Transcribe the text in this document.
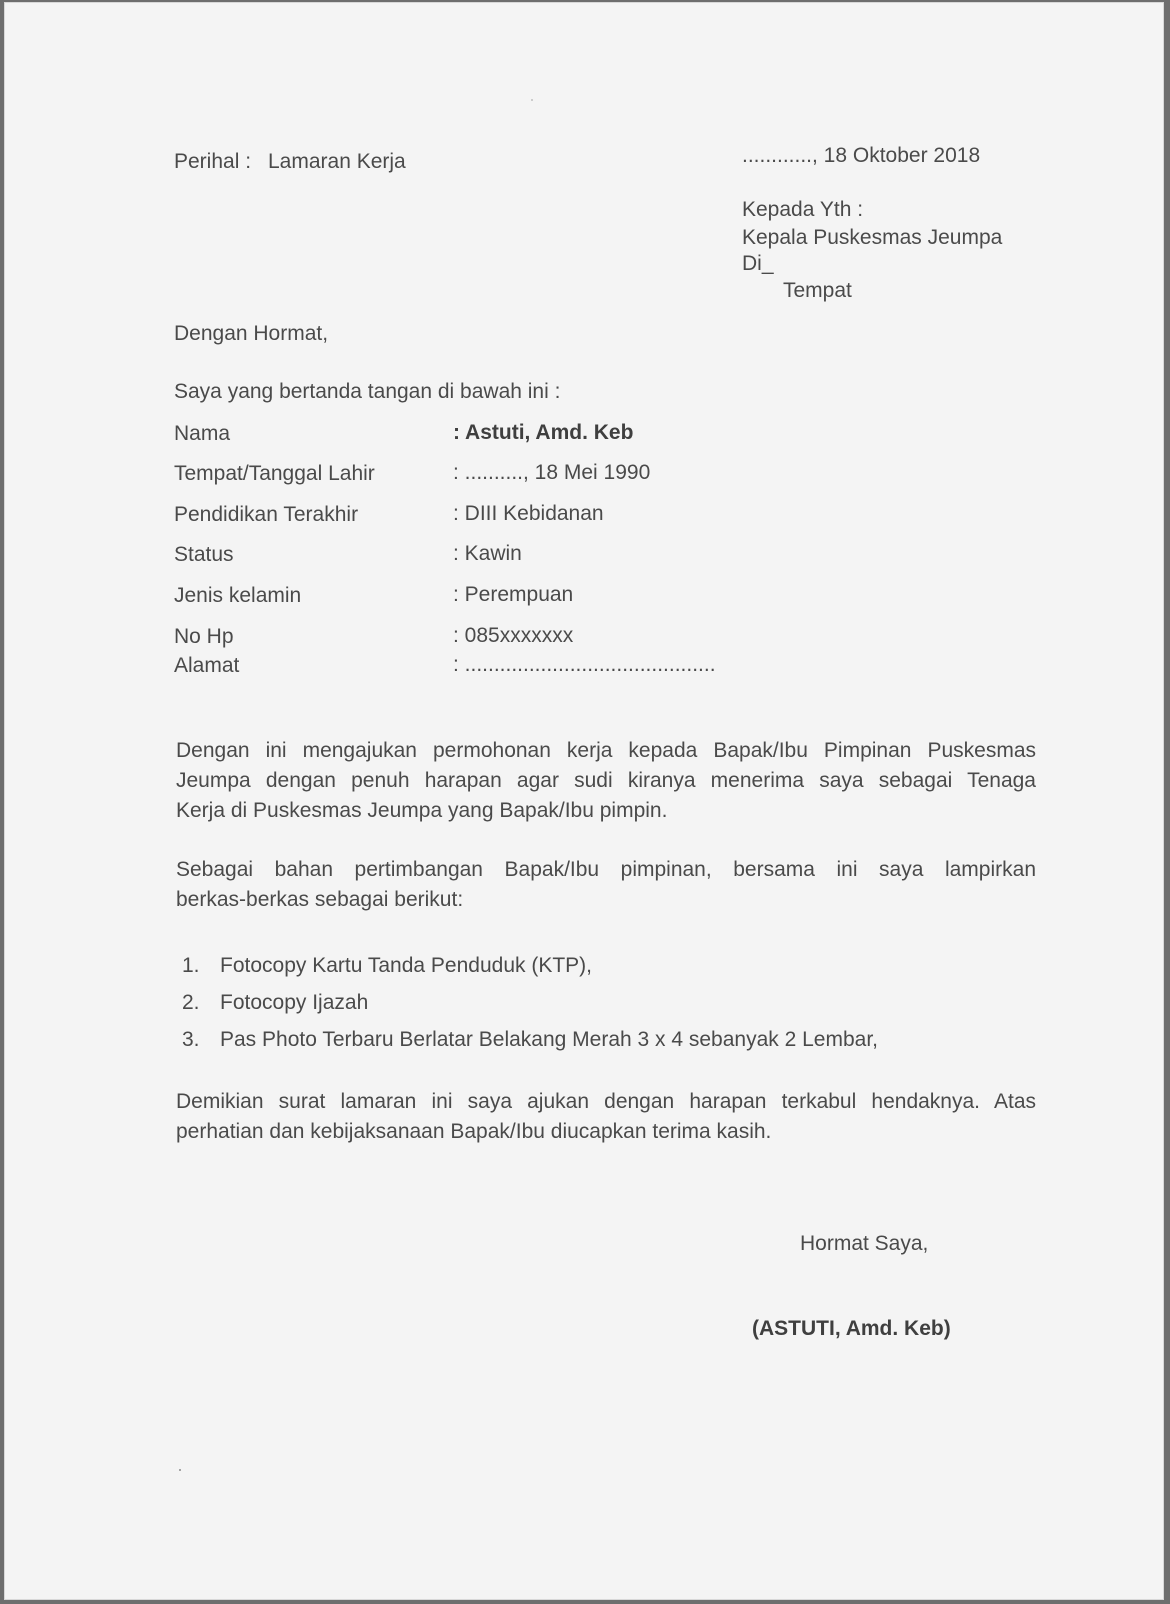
Perihal : Lamaran Kerja	............, 18 Oktober 2018
Kepada Yth :
Kepala Puskesmas Jeumpa
Di_
Tempat
Dengan Hormat,
Saya yang bertanda tangan di bawah ini :
Nama	: Astuti, Amd. Keb
Tempat/Tanggal Lahir	: .........., 18 Mei 1990
Pendidikan Terakhir	: DIII Kebidanan
Status	: Kawin
Jenis kelamin	: Perempuan
No Hp	: 085xxxxxxx
Alamat	: ...........................................
Dengan ini mengajukan permohonan kerja kepada Bapak/Ibu Pimpinan Puskesmas
Jeumpa dengan penuh harapan agar sudi kiranya menerima saya sebagai Tenaga
Kerja di Puskesmas Jeumpa yang Bapak/Ibu pimpin.
Sebagai bahan pertimbangan Bapak/Ibu pimpinan, bersama ini saya lampirkan
berkas-berkas sebagai berikut:
1. Fotocopy Kartu Tanda Penduduk (KTP),
2. Fotocopy Ijazah
3. Pas Photo Terbaru Berlatar Belakang Merah 3 x 4 sebanyak 2 Lembar,
Demikian surat lamaran ini saya ajukan dengan harapan terkabul hendaknya. Atas
perhatian dan kebijaksanaan Bapak/Ibu diucapkan terima kasih.
Hormat Saya,
(ASTUTI, Amd. Keb)
